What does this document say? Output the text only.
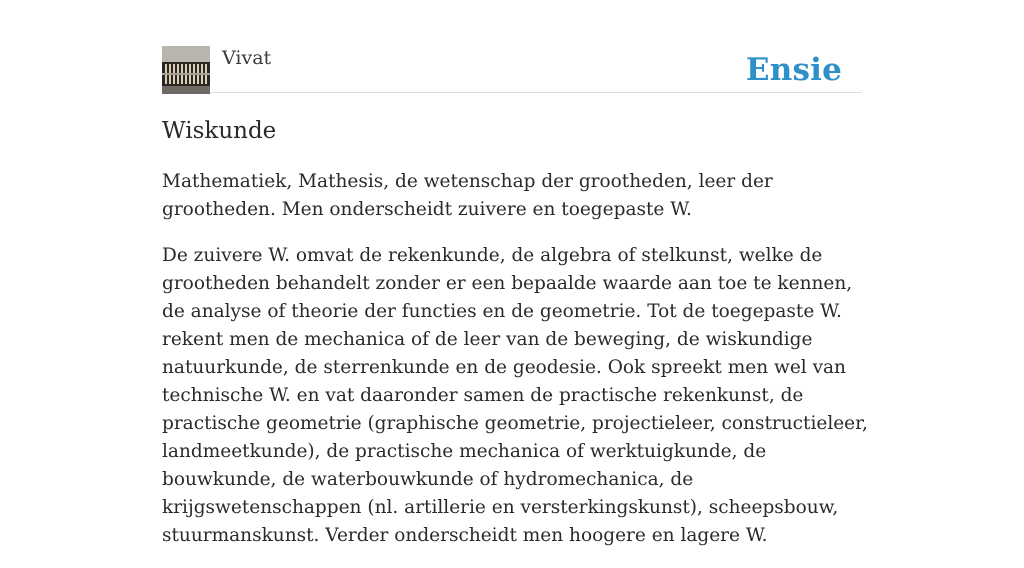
Vivat	Ensie
Wiskunde

Mathematiek, Mathesis, de wetenschap der grootheden, leer der grootheden. Men onderscheidt zuivere en toegepaste W.

De zuivere W. omvat de rekenkunde, de algebra of stelkunst, welke de grootheden behandelt zonder er een bepaalde waarde aan toe te kennen, de analyse of theorie der functies en de geometrie. Tot de toegepaste W. rekent men de mechanica of de leer van de beweging, de wiskundige natuurkunde, de sterrenkunde en de geodesie. Ook spreekt men wel van technische W. en vat daaronder samen de practische rekenkunst, de practische geometrie (graphische geometrie, projectieleer, constructieleer, landmeetkunde), de practische mechanica of werktuigkunde, de bouwkunde, de waterbouwkunde of hydromechanica, de krijgswetenschappen (nl. artillerie en versterkingskunst), scheepsbouw, stuurmanskunst. Verder onderscheidt men hoogere en lagere W.
